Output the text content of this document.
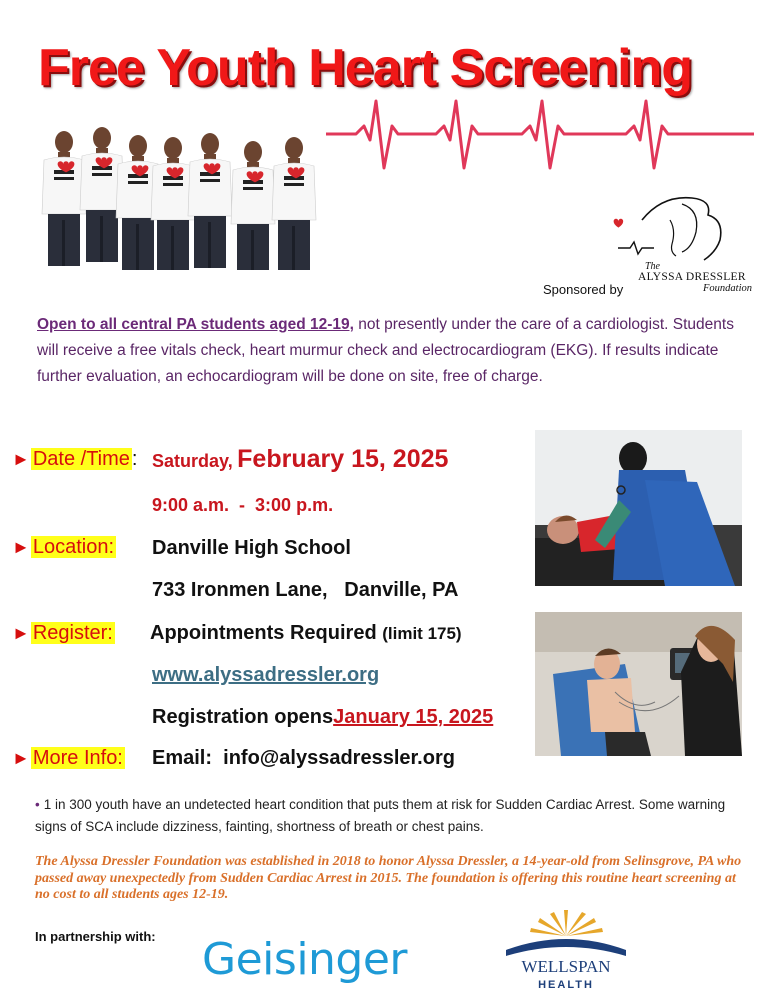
Free Youth Heart Screening
The
ALYSSA DRESSLER
Foundation
Sponsored by
Open to all central PA students aged 12-19, not presently under the care of a cardiologist. Students will receive a free vitals check, heart murmur check and electrocardiogram (EKG). If results indicate further evaluation, an echocardiogram will be done on site, free of charge.
► Date /Time : Saturday, February 15, 2025
9:00 a.m.  -  3:00 p.m.
► Location: Danville High School
733 Ironmen Lane,   Danville, PA
► Register: Appointments Required (limit 175)
www.alyssadressler.org
Registration opensJanuary 15, 2025
► More Info: Email:  info@alyssadressler.org
• 1 in 300 youth have an undetected heart condition that puts them at risk for Sudden Cardiac Arrest. Some warning signs of SCA include dizziness, fainting, shortness of breath or chest pains.
The Alyssa Dressler Foundation was established in 2018 to honor Alyssa Dressler, a 14-year-old from Selinsgrove, PA who passed away unexpectedly from Sudden Cardiac Arrest in 2015. The foundation is offering this routine heart screening at no cost to all students ages 12-19.
In partnership with: Geisinger	WELLSPAN
HEALTH
